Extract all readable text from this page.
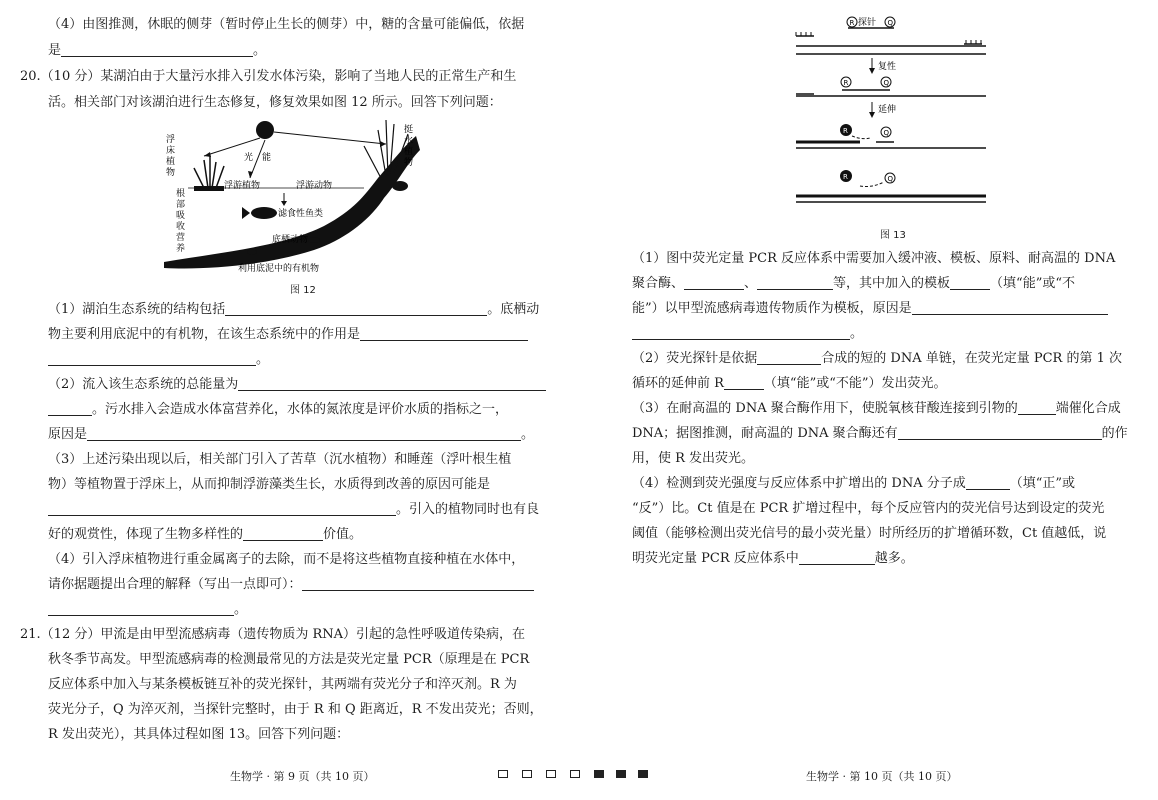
（4）由图推测，休眠的侧芽（暂时停止生长的侧芽）中，糖的含量可能偏低，依据
是	。
20.（10 分）某湖泊由于大量污水排入引发水体污染，影响了当地人民的正常生产和生
活。相关部门对该湖泊进行生态修复，修复效果如图 12 所示。回答下列问题：
浮床植物
根部吸收营养
光　能
浮游植物	浮游动物
滤食性鱼类
底栖动物
利用底泥中的有机物
挺水植物
图 12
（1）湖泊生态系统的结构包括	。底栖动
物主要利用底泥中的有机物，在该生态系统中的作用是
。
（2）流入该生态系统的总能量为
。污水排入会造成水体富营养化，水体的氮浓度是评价水质的指标之一，
原因是	。
（3）上述污染出现以后，相关部门引入了苦草（沉水植物）和睡莲（浮叶根生植
物）等植物置于浮床上，从而抑制浮游藻类生长，水质得到改善的原因可能是
。引入的植物同时也有良
好的观赏性，体现了生物多样性的	价值。
（4）引入浮床植物进行重金属离子的去除，而不是将这些植物直接种植在水体中，
请你据题提出合理的解释（写出一点即可）：
。
21.（12 分）甲流是由甲型流感病毒（遗传物质为 RNA）引起的急性呼吸道传染病，在
秋冬季节高发。甲型流感病毒的检测最常见的方法是荧光定量 PCR（原理是在 PCR
反应体系中加入与某条模板链互补的荧光探针，其两端有荧光分子和淬灭剂。R 为
荧光分子，Q 为淬灭剂，当探针完整时，由于 R 和 Q 距离近，R 不发出荧光；否则，
R 发出荧光），其具体过程如图 13。回答下列问题：
生物学 · 第 9 页（共 10 页）
R 探针 Q
复性
R	Q
延伸
R	Q
R	Q
图 13
（1）图中荧光定量 PCR 反应体系中需要加入缓冲液、模板、原料、耐高温的 DNA
聚合酶、	、	等，其中加入的模板	（填“能”或“不
能”）以甲型流感病毒遗传物质作为模板，原因是
。
（2）荧光探针是依据	合成的短的 DNA 单链，在荧光定量 PCR 的第 1 次
循环的延伸前 R	（填“能”或“不能”）发出荧光。
（3）在耐高温的 DNA 聚合酶作用下，使脱氧核苷酸连接到引物的	端催化合成
DNA；据图推测，耐高温的 DNA 聚合酶还有	的作
用，使 R 发出荧光。
（4）检测到荧光强度与反应体系中扩增出的 DNA 分子成	（填“正”或
“反”）比。Ct 值是在 PCR 扩增过程中，每个反应管内的荧光信号达到设定的荧光
阈值（能够检测出荧光信号的最小荧光量）时所经历的扩增循环数，Ct 值越低，说
明荧光定量 PCR 反应体系中	越多。
生物学 · 第 10 页（共 10 页）
